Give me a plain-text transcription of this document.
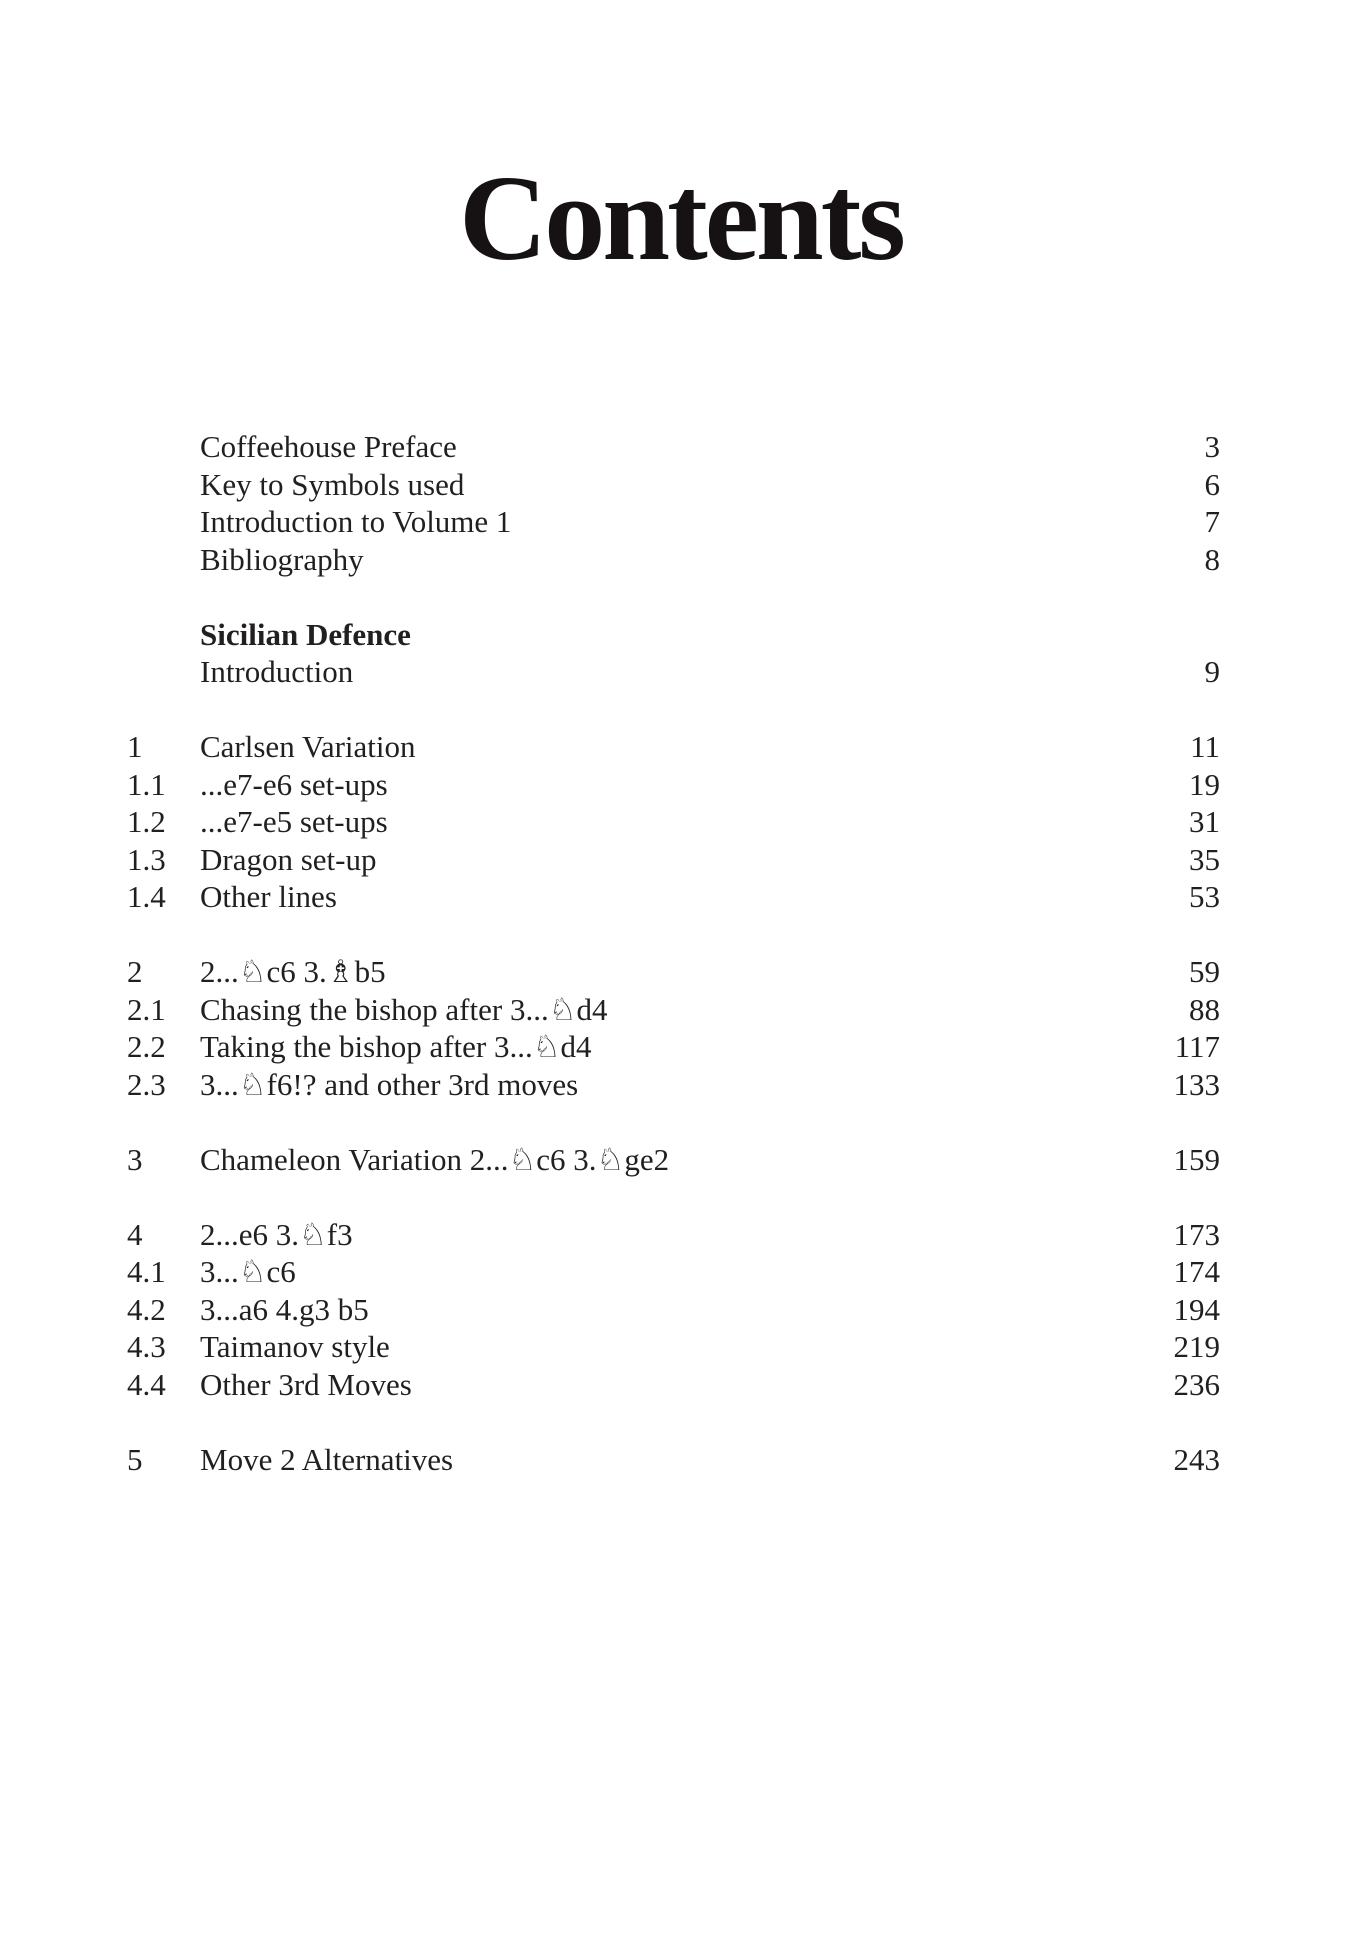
Contents
Coffeehouse Preface	3
Key to Symbols used	6
Introduction to Volume 1	7
Bibliography	8
Sicilian Defence
Introduction	9
1	Carlsen Variation	11
1.1	...e7-e6 set-ups	19
1.2	...e7-e5 set-ups	31
1.3	Dragon set-up	35
1.4	Other lines	53
2	2...♘c6 3.♗b5	59
2.1	Chasing the bishop after 3...♘d4	88
2.2	Taking the bishop after 3...♘d4	117
2.3	3...♘f6!? and other 3rd moves	133
3	Chameleon Variation 2...♘c6 3.♘ge2	159
4	2...e6 3.♘f3	173
4.1	3...♘c6	174
4.2	3...a6 4.g3 b5	194
4.3	Taimanov style	219
4.4	Other 3rd Moves	236
5	Move 2 Alternatives	243
